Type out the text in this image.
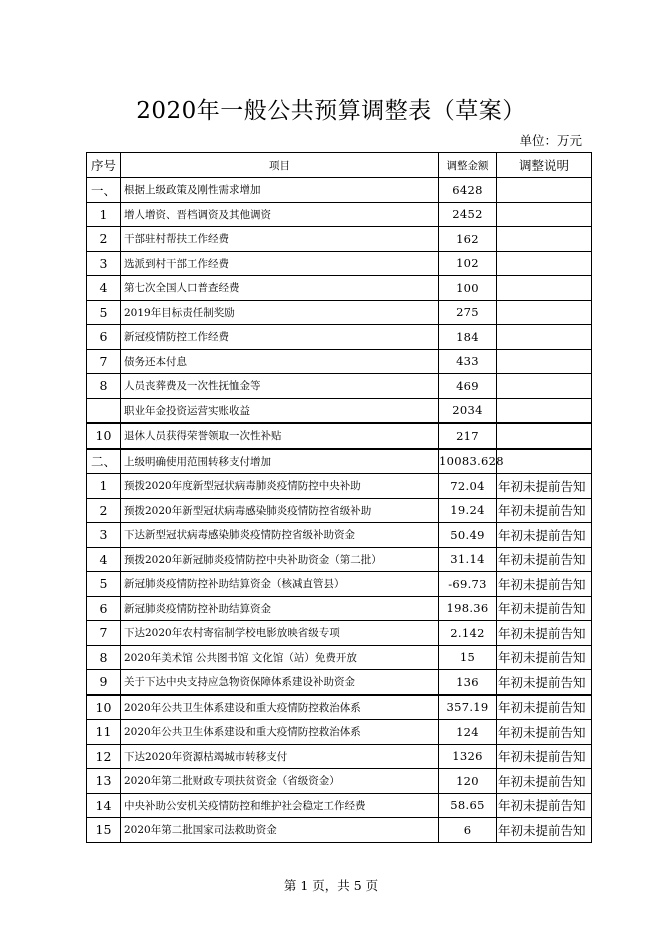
2020年一般公共预算调整表（草案）
单位：万元
序号	项目	调整金额	调整说明
一、	根据上级政策及刚性需求增加	6428	
1	增人增资、晋档调资及其他调资	2452	
2	干部驻村帮扶工作经费	162	
3	选派到村干部工作经费	102	
4	第七次全国人口普查经费	100	
5	2019年目标责任制奖励	275	
6	新冠疫情防控工作经费	184	
7	债务还本付息	433	
8	人员丧葬费及一次性抚恤金等	469	
	职业年金投资运营实账收益	2034	
10	退休人员获得荣誉领取一次性补贴	217	
二、	上级明确使用范围转移支付增加	10083.628	
1	预拨2020年度新型冠状病毒肺炎疫情防控中央补助	72.04	年初未提前告知
2	预拨2020年新型冠状病毒感染肺炎疫情防控省级补助	19.24	年初未提前告知
3	下达新型冠状病毒感染肺炎疫情防控省级补助资金	50.49	年初未提前告知
4	预拨2020年新冠肺炎疫情防控中央补助资金（第二批）	31.14	年初未提前告知
5	新冠肺炎疫情防控补助结算资金（核减直管县）	-69.73	年初未提前告知
6	新冠肺炎疫情防控补助结算资金	198.36	年初未提前告知
7	下达2020年农村寄宿制学校电影放映省级专项	2.142	年初未提前告知
8	2020年美术馆 公共图书馆 文化馆（站）免费开放	15	年初未提前告知
9	关于下达中央支持应急物资保障体系建设补助资金	136	年初未提前告知
10	2020年公共卫生体系建设和重大疫情防控救治体系	357.19	年初未提前告知
11	2020年公共卫生体系建设和重大疫情防控救治体系	124	年初未提前告知
12	下达2020年资源枯竭城市转移支付	1326	年初未提前告知
13	2020年第二批财政专项扶贫资金（省级资金）	120	年初未提前告知
14	中央补助公安机关疫情防控和维护社会稳定工作经费	58.65	年初未提前告知
15	2020年第二批国家司法救助资金	6	年初未提前告知
第 1 页，共 5 页
